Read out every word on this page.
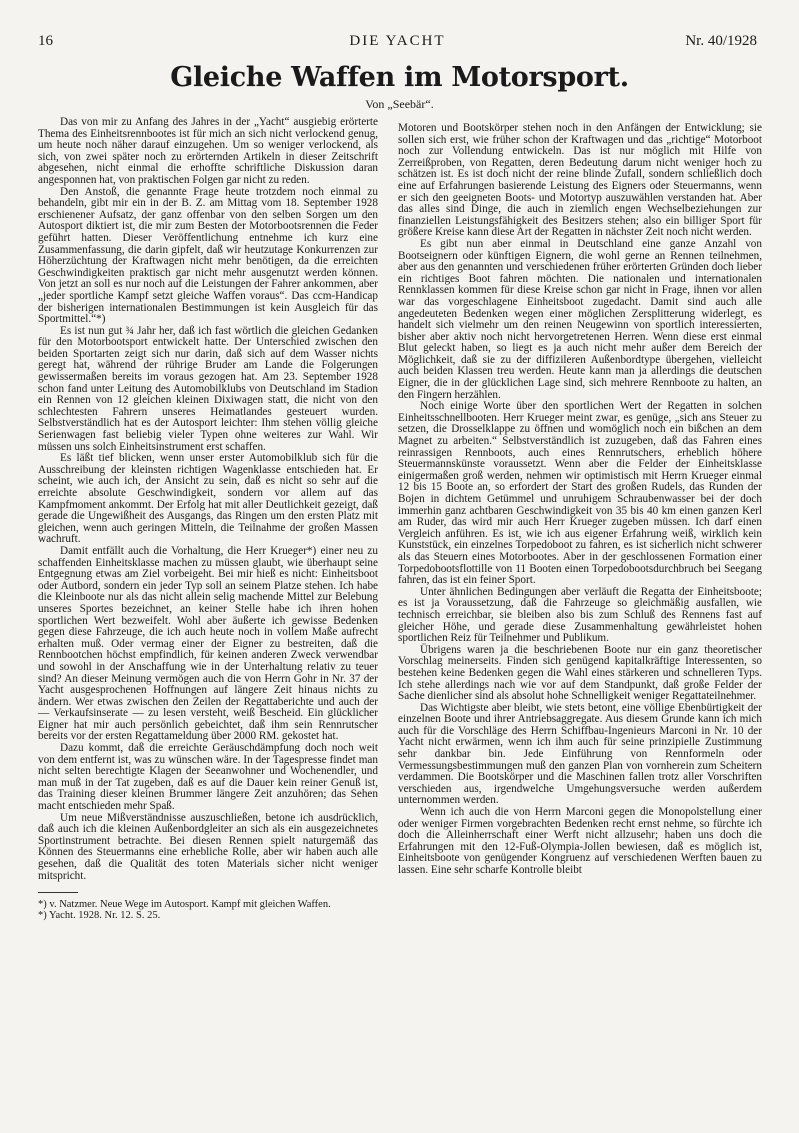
16	DIE YACHT	Nr. 40/1928
Gleiche Waffen im Motorsport.
Von „Seebär“.

Das von mir zu Anfang des Jahres in der „Yacht“ ausgiebig erörterte Thema des Einheitsrennbootes ist für mich an sich nicht verlockend genug, um heute noch näher darauf einzugehen. Um so weniger verlockend, als sich, von zwei später noch zu erörternden Artikeln in dieser Zeitschrift abgesehen, nicht einmal die erhoffte schriftliche Diskussion daran angesponnen hat, von praktischen Folgen gar nicht zu reden.

Den Anstoß, die genannte Frage heute trotzdem noch einmal zu behandeln, gibt mir ein in der B. Z. am Mittag vom 18. September 1928 erschienener Aufsatz, der ganz offenbar von den selben Sorgen um den Autosport diktiert ist, die mir zum Besten der Motorbootsrennen die Feder geführt hatten. Dieser Veröffentlichung entnehme ich kurz eine Zusammenfassung, die darin gipfelt, daß wir heutzutage Konkurrenzen zur Höherzüchtung der Kraftwagen nicht mehr benötigen, da die erreichten Geschwindigkeiten praktisch gar nicht mehr ausgenutzt werden können. Von jetzt an soll es nur noch auf die Leistungen der Fahrer ankommen, aber „jeder sportliche Kampf setzt gleiche Waffen voraus“. Das ccm-Handicap der bisherigen internationalen Bestimmungen ist kein Ausgleich für das Sportmittel.“*)

Es ist nun gut ¾ Jahr her, daß ich fast wörtlich die gleichen Gedanken für den Motorbootsport entwickelt hatte. Der Unterschied zwischen den beiden Sportarten zeigt sich nur darin, daß sich auf dem Wasser nichts geregt hat, während der rührige Bruder am Lande die Folgerungen gewissermaßen bereits im voraus gezogen hat. Am 23. September 1928 schon fand unter Leitung des Automobilklubs von Deutschland im Stadion ein Rennen von 12 gleichen kleinen Dixiwagen statt, die nicht von den schlechtesten Fahrern unseres Heimatlandes gesteuert wurden. Selbstverständlich hat es der Autosport leichter: Ihm stehen völlig gleiche Serienwagen fast beliebig vieler Typen ohne weiteres zur Wahl. Wir müssen uns solch Einheitsinstrument erst schaffen.

Es läßt tief blicken, wenn unser erster Automobilklub sich für die Ausschreibung der kleinsten richtigen Wagenklasse entschieden hat. Er scheint, wie auch ich, der Ansicht zu sein, daß es nicht so sehr auf die erreichte absolute Geschwindigkeit, sondern vor allem auf das Kampfmoment ankommt. Der Erfolg hat mit aller Deutlichkeit gezeigt, daß gerade die Ungewißheit des Ausgangs, das Ringen um den ersten Platz mit gleichen, wenn auch geringen Mitteln, die Teilnahme der großen Massen wachruft.

Damit entfällt auch die Vorhaltung, die Herr Krueger*) einer neu zu schaffenden Einheitsklasse machen zu müssen glaubt, wie überhaupt seine Entgegnung etwas am Ziel vorbeigeht. Bei mir hieß es nicht: Einheitsboot oder Autbord, sondern ein jeder Typ soll an seinem Platze stehen. Ich habe die Kleinboote nur als das nicht allein selig machende Mittel zur Belebung unseres Sportes bezeichnet, an keiner Stelle habe ich ihren hohen sportlichen Wert bezweifelt. Wohl aber äußerte ich gewisse Bedenken gegen diese Fahrzeuge, die ich auch heute noch in vollem Maße aufrecht erhalten muß. Oder vermag einer der Eigner zu bestreiten, daß die Rennbootchen höchst empfindlich, für keinen anderen Zweck verwendbar und sowohl in der Anschaffung wie in der Unterhaltung relativ zu teuer sind? An dieser Meinung vermögen auch die von Herrn Gohr in Nr. 37 der Yacht ausgesprochenen Hoffnungen auf längere Zeit hinaus nichts zu ändern. Wer etwas zwischen den Zeilen der Regattaberichte und auch der — Verkaufsinserate — zu lesen versteht, weiß Bescheid. Ein glücklicher Eigner hat mir auch persönlich gebeichtet, daß ihm sein Rennrutscher bereits vor der ersten Regattameldung über 2000 RM. gekostet hat.

Dazu kommt, daß die erreichte Geräuschdämpfung doch noch weit von dem entfernt ist, was zu wünschen wäre. In der Tagespresse findet man nicht selten berechtigte Klagen der Seeanwohner und Wochenendler, und man muß in der Tat zugeben, daß es auf die Dauer kein reiner Genuß ist, das Training dieser kleinen Brummer längere Zeit anzuhören; das Sehen macht entschieden mehr Spaß.

Um neue Mißverständnisse auszuschließen, betone ich ausdrücklich, daß auch ich die kleinen Außenbordgleiter an sich als ein ausgezeichnetes Sportinstrument betrachte. Bei diesen Rennen spielt naturgemäß das Können des Steuermanns eine erhebliche Rolle, aber wir haben auch alle gesehen, daß die Qualität des toten Materials sicher nicht weniger mitspricht.

*) v. Natzmer. Neue Wege im Autosport. Kampf mit gleichen Waffen.

*) Yacht. 1928. Nr. 12. S. 25.

Motoren und Bootskörper stehen noch in den Anfängen der Entwicklung; sie sollen sich erst, wie früher schon der Kraftwagen und das „richtige“ Motorboot noch zur Vollendung entwickeln. Das ist nur möglich mit Hilfe von Zerreißproben, von Regatten, deren Bedeutung darum nicht weniger hoch zu schätzen ist. Es ist doch nicht der reine blinde Zufall, sondern schließlich doch eine auf Erfahrungen basierende Leistung des Eigners oder Steuermanns, wenn er sich den geeigneten Boots- und Motortyp auszuwählen verstanden hat. Aber das alles sind Dinge, die auch in ziemlich engen Wechselbeziehungen zur finanziellen Leistungsfähigkeit des Besitzers stehen; also ein billiger Sport für größere Kreise kann diese Art der Regatten in nächster Zeit noch nicht werden.

Es gibt nun aber einmal in Deutschland eine ganze Anzahl von Bootseignern oder künftigen Eignern, die wohl gerne an Rennen teilnehmen, aber aus den genannten und verschiedenen früher erörterten Gründen doch lieber ein richtiges Boot fahren möchten. Die nationalen und internationalen Rennklassen kommen für diese Kreise schon gar nicht in Frage, ihnen vor allen war das vorgeschlagene Einheitsboot zugedacht. Damit sind auch alle angedeuteten Bedenken wegen einer möglichen Zersplitterung widerlegt, es handelt sich vielmehr um den reinen Neugewinn von sportlich interessierten, bisher aber aktiv noch nicht hervorgetretenen Herren. Wenn diese erst einmal Blut geleckt haben, so liegt es ja auch nicht mehr außer dem Bereich der Möglichkeit, daß sie zu der diffizileren Außenbordtype übergehen, vielleicht auch beiden Klassen treu werden. Heute kann man ja allerdings die deutschen Eigner, die in der glücklichen Lage sind, sich mehrere Rennboote zu halten, an den Fingern herzählen.

Noch einige Worte über den sportlichen Wert der Regatten in solchen Einheitsschnellbooten. Herr Krueger meint zwar, es genüge, „sich ans Steuer zu setzen, die Drosselklappe zu öffnen und womöglich noch ein bißchen an dem Magnet zu arbeiten.“ Selbstverständlich ist zuzugeben, daß das Fahren eines reinrassigen Rennboots, auch eines Rennrutschers, erheblich höhere Steuermannskünste voraussetzt. Wenn aber die Felder der Einheitsklasse einigermaßen groß werden, nehmen wir optimistisch mit Herrn Krueger einmal 12 bis 15 Boote an, so erfordert der Start des großen Rudels, das Runden der Bojen in dichtem Getümmel und unruhigem Schraubenwasser bei der doch immerhin ganz achtbaren Geschwindigkeit von 35 bis 40 km einen ganzen Kerl am Ruder, das wird mir auch Herr Krueger zugeben müssen. Ich darf einen Vergleich anführen. Es ist, wie ich aus eigener Erfahrung weiß, wirklich kein Kunststück, ein einzelnes Torpedoboot zu fahren, es ist sicherlich nicht schwerer als das Steuern eines Motorbootes. Aber in der geschlossenen Formation einer Torpedobootsflottille von 11 Booten einen Torpedobootsdurchbruch bei Seegang fahren, das ist ein feiner Sport.

Unter ähnlichen Bedingungen aber verläuft die Regatta der Einheitsboote; es ist ja Voraussetzung, daß die Fahrzeuge so gleichmäßig ausfallen, wie technisch erreichbar, sie bleiben also bis zum Schluß des Rennens fast auf gleicher Höhe, und gerade diese Zusammenhaltung gewährleistet hohen sportlichen Reiz für Teilnehmer und Publikum.

Übrigens waren ja die beschriebenen Boote nur ein ganz theoretischer Vorschlag meinerseits. Finden sich genügend kapitalkräftige Interessenten, so bestehen keine Bedenken gegen die Wahl eines stärkeren und schnelleren Typs. Ich stehe allerdings nach wie vor auf dem Standpunkt, daß große Felder der Sache dienlicher sind als absolut hohe Schnelligkeit weniger Regattateilnehmer.

Das Wichtigste aber bleibt, wie stets betont, eine völlige Ebenbürtigkeit der einzelnen Boote und ihrer Antriebsaggregate. Aus diesem Grunde kann ich mich auch für die Vorschläge des Herrn Schiffbau-Ingenieurs Marconi in Nr. 10 der Yacht nicht erwärmen, wenn ich ihm auch für seine prinzipielle Zustimmung sehr dankbar bin. Jede Einführung von Rennformeln oder Vermessungsbestimmungen muß den ganzen Plan von vornherein zum Scheitern verdammen. Die Bootskörper und die Maschinen fallen trotz aller Vorschriften verschieden aus, irgendwelche Umgehungsversuche werden außerdem unternommen werden.

Wenn ich auch die von Herrn Marconi gegen die Monopolstellung einer oder weniger Firmen vorgebrachten Bedenken recht ernst nehme, so fürchte ich doch die Alleinherrschaft einer Werft nicht allzusehr; haben uns doch die Erfahrungen mit den 12-Fuß-Olympia-Jollen bewiesen, daß es möglich ist, Einheitsboote von genügender Kongruenz auf verschiedenen Werften bauen zu lassen. Eine sehr scharfe Kontrolle bleibt
